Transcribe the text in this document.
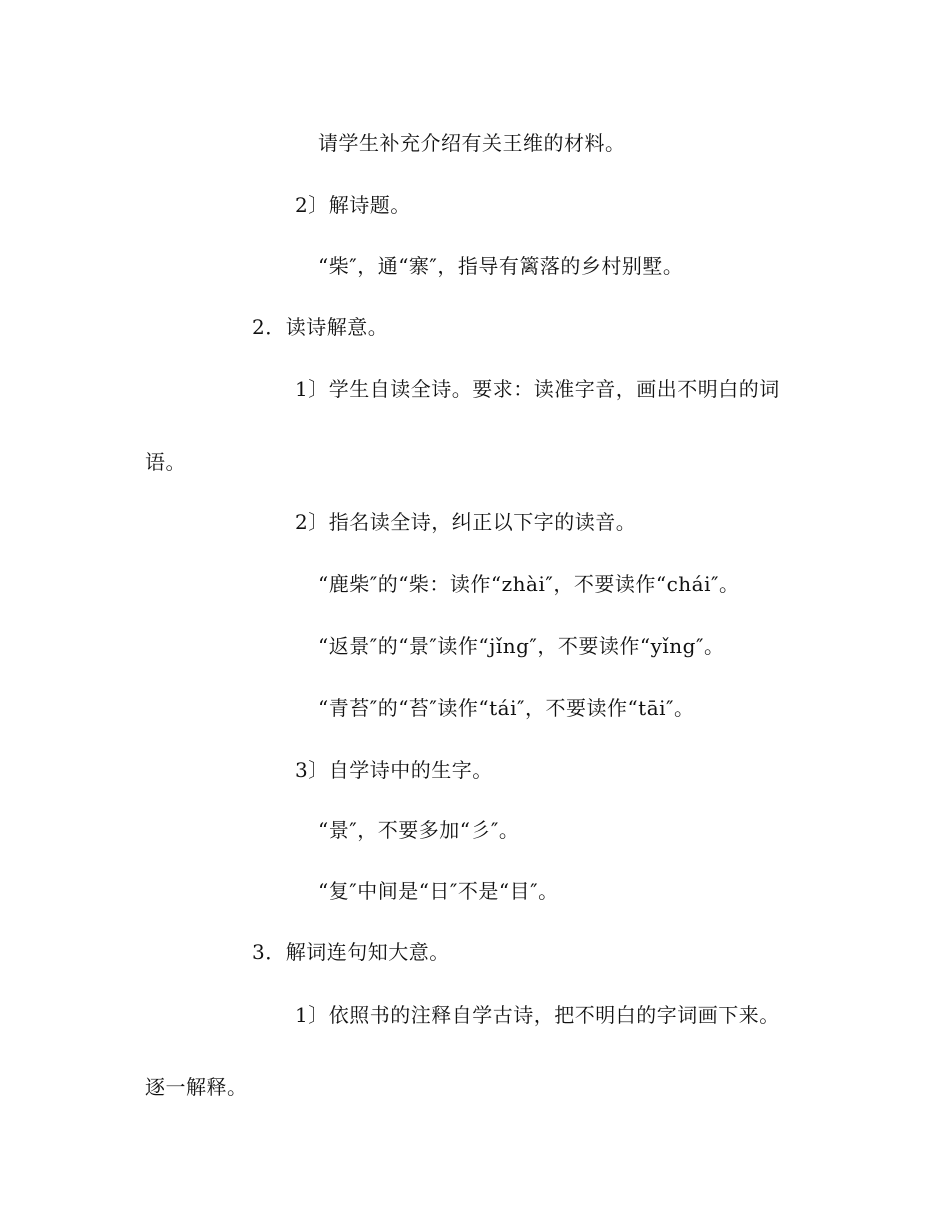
请学生补充介绍有关王维的材料。
2〕解诗题。
“柴″，通“寨″，指导有篱落的乡村别墅。
2．读诗解意。
1〕学生自读全诗。要求：读准字音，画出不明白的词
语。
2〕指名读全诗，纠正以下字的读音。
“鹿柴″的“柴：读作“zhài″，不要读作“chái″。
“返景″的“景″读作“jǐng″，不要读作“yǐng″。
“青苔″的“苔″读作“tái″，不要读作“tāi″。
3〕自学诗中的生字。
“景″，不要多加“彡″。
“复″中间是“日″不是“目″。
3．解词连句知大意。
1〕依照书的注释自学古诗，把不明白的字词画下来。
逐一解释。
